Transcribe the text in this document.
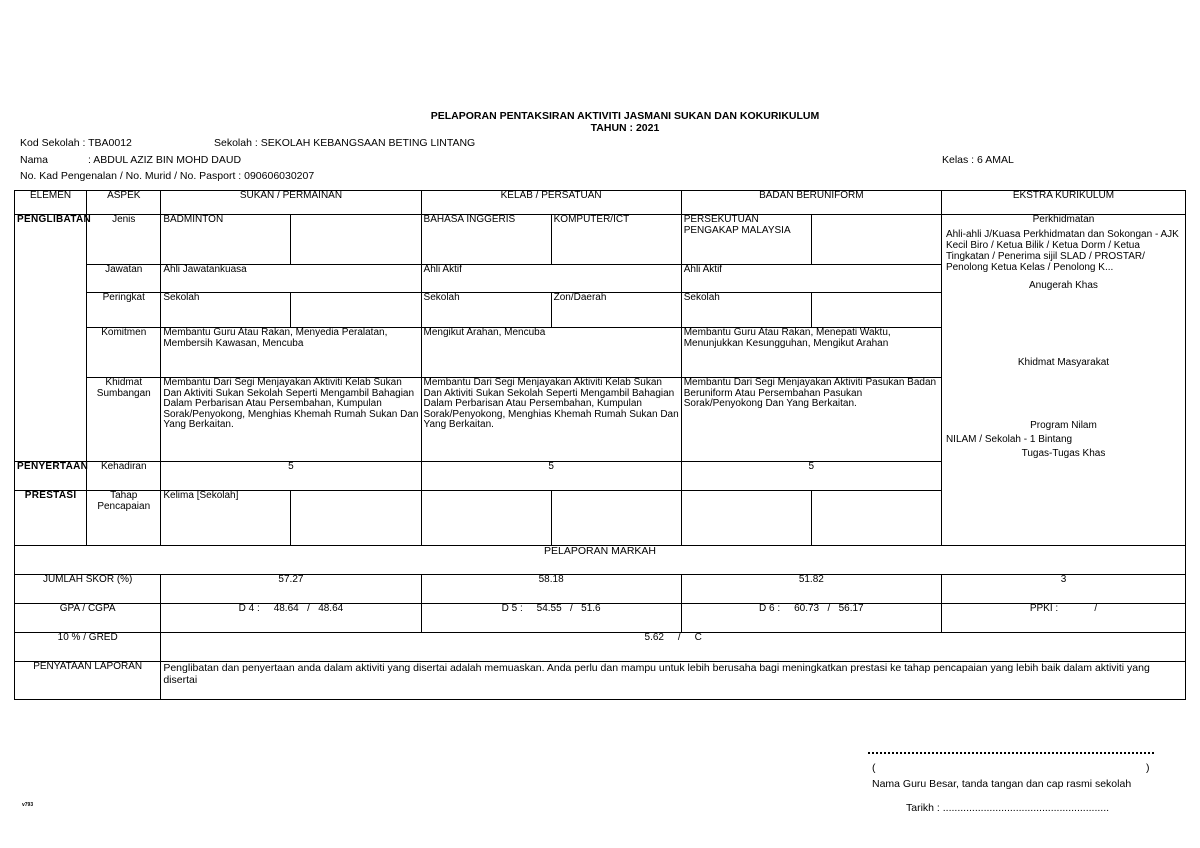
PELAPORAN PENTAKSIRAN AKTIVITI JASMANI SUKAN DAN KOKURIKULUM
TAHUN : 2021
Kod Sekolah : TBA0012	Sekolah : SEKOLAH KEBANGSAAN BETING LINTANG
Nama	: ABDUL AZIZ BIN MOHD DAUD	Kelas : 6 AMAL
No. Kad Pengenalan / No. Murid / No. Pasport : 090606030207
ELEMEN	ASPEK	SUKAN / PERMAINAN	KELAB / PERSATUAN	BADAN BERUNIFORM	EKSTRA KURIKULUM
PENGLIBATAN	Jenis	BADMINTON		BAHASA INGGERIS	KOMPUTER/ICT	PERSEKUTUAN PENGAKAP MALAYSIA		
Perkhidmatan
Ahli-ahli J/Kuasa Perkhidmatan dan Sokongan - AJK Kecil Biro / Ketua Bilik / Ketua Dorm / Ketua Tingkatan / Penerima sijil SLAD / PROSTAR/ Penolong Ketua Kelas / Penolong K...
Anugerah Khas

Khidmat Masyarakat

Program Nilam
NILAM / Sekolah - 1 Bintang
Tugas-Tugas Khas

Jawatan	Ahli Jawatankuasa	Ahli Aktif	Ahli Aktif
Peringkat	Sekolah		Sekolah	Zon/Daerah	Sekolah	
Komitmen	Membantu Guru Atau Rakan, Menyedia Peralatan, Membersih Kawasan, Mencuba	Mengikut Arahan, Mencuba	Membantu Guru Atau Rakan, Menepati Waktu, Menunjukkan Kesungguhan, Mengikut Arahan
Khidmat Sumbangan	Membantu Dari Segi Menjayakan Aktiviti Kelab Sukan Dan Aktiviti Sukan Sekolah Seperti Mengambil Bahagian Dalam Perbarisan Atau Persembahan, Kumpulan Sorak/Penyokong, Menghias Khemah Rumah Sukan Dan Yang Berkaitan.	Membantu Dari Segi Menjayakan Aktiviti Kelab Sukan Dan Aktiviti Sukan Sekolah Seperti Mengambil Bahagian Dalam Perbarisan Atau Persembahan, Kumpulan Sorak/Penyokong, Menghias Khemah Rumah Sukan Dan Yang Berkaitan.	Membantu Dari Segi Menjayakan Aktiviti Pasukan Badan Beruniform Atau Persembahan Pasukan Sorak/Penyokong Dan Yang Berkaitan.
PENYERTAAN	Kehadiran	5	5	5
PRESTASI	Tahap Pencapaian	Kelima [Sekolah]					
PELAPORAN MARKAH
JUMLAH SKOR (%)	57.27	58.18	51.82	3
GPA / CGPA	D 4 : 48.64 / 48.64	D 5 : 54.55 / 51.6	D 6 : 60.73 / 56.17	PPKI :	/
10 % / GRED	5.62 / C
PENYATAAN LAPORAN	Penglibatan dan penyertaan anda dalam aktiviti yang disertai adalah memuaskan. Anda perlu dan mampu untuk lebih berusaha bagi meningkatkan prestasi ke tahap pencapaian yang lebih baik dalam aktiviti yang disertai
(	)
Nama Guru Besar, tanda tangan dan cap rasmi sekolah
Tarikh : .........................................................
v793
